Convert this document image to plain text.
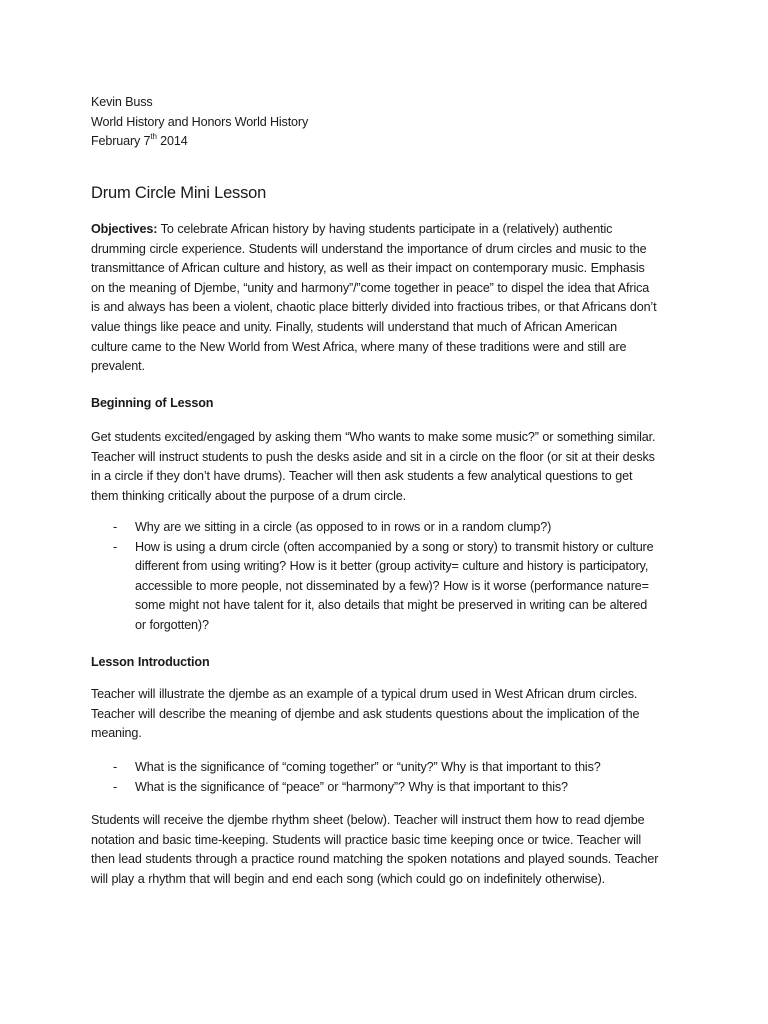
Kevin Buss
World History and Honors World History
February 7th 2014
Drum Circle Mini Lesson

Objectives: To celebrate African history by having students participate in a (relatively) authentic

drumming circle experience. Students will understand the importance of drum circles and music to the

transmittance of African culture and history, as well as their impact on contemporary music. Emphasis

on the meaning of Djembe, “unity and harmony”/”come together in peace” to dispel the idea that Africa

is and always has been a violent, chaotic place bitterly divided into fractious tribes, or that Africans don’t

value things like peace and unity. Finally, students will understand that much of African American

culture came to the New World from West Africa, where many of these traditions were and still are

prevalent.

Beginning of Lesson

Get students excited/engaged by asking them “Who wants to make some music?” or something similar.

Teacher will instruct students to push the desks aside and sit in a circle on the floor (or sit at their desks

in a circle if they don’t have drums). Teacher will then ask students a few analytical questions to get

them thinking critically about the purpose of a drum circle.

- Why are we sitting in a circle (as opposed to in rows or in a random clump?)

- How is using a drum circle (often accompanied by a song or story) to transmit history or culture

different from using writing? How is it better (group activity= culture and history is participatory,

accessible to more people, not disseminated by a few)? How is it worse (performance nature=

some might not have talent for it, also details that might be preserved in writing can be altered

or forgotten)?

Lesson Introduction

Teacher will illustrate the djembe as an example of a typical drum used in West African drum circles.

Teacher will describe the meaning of djembe and ask students questions about the implication of the

meaning.

- What is the significance of “coming together” or “unity?” Why is that important to this?

- What is the significance of “peace” or “harmony”? Why is that important to this?

Students will receive the djembe rhythm sheet (below). Teacher will instruct them how to read djembe

notation and basic time-keeping. Students will practice basic time keeping once or twice. Teacher will

then lead students through a practice round matching the spoken notations and played sounds. Teacher

will play a rhythm that will begin and end each song (which could go on indefinitely otherwise).
